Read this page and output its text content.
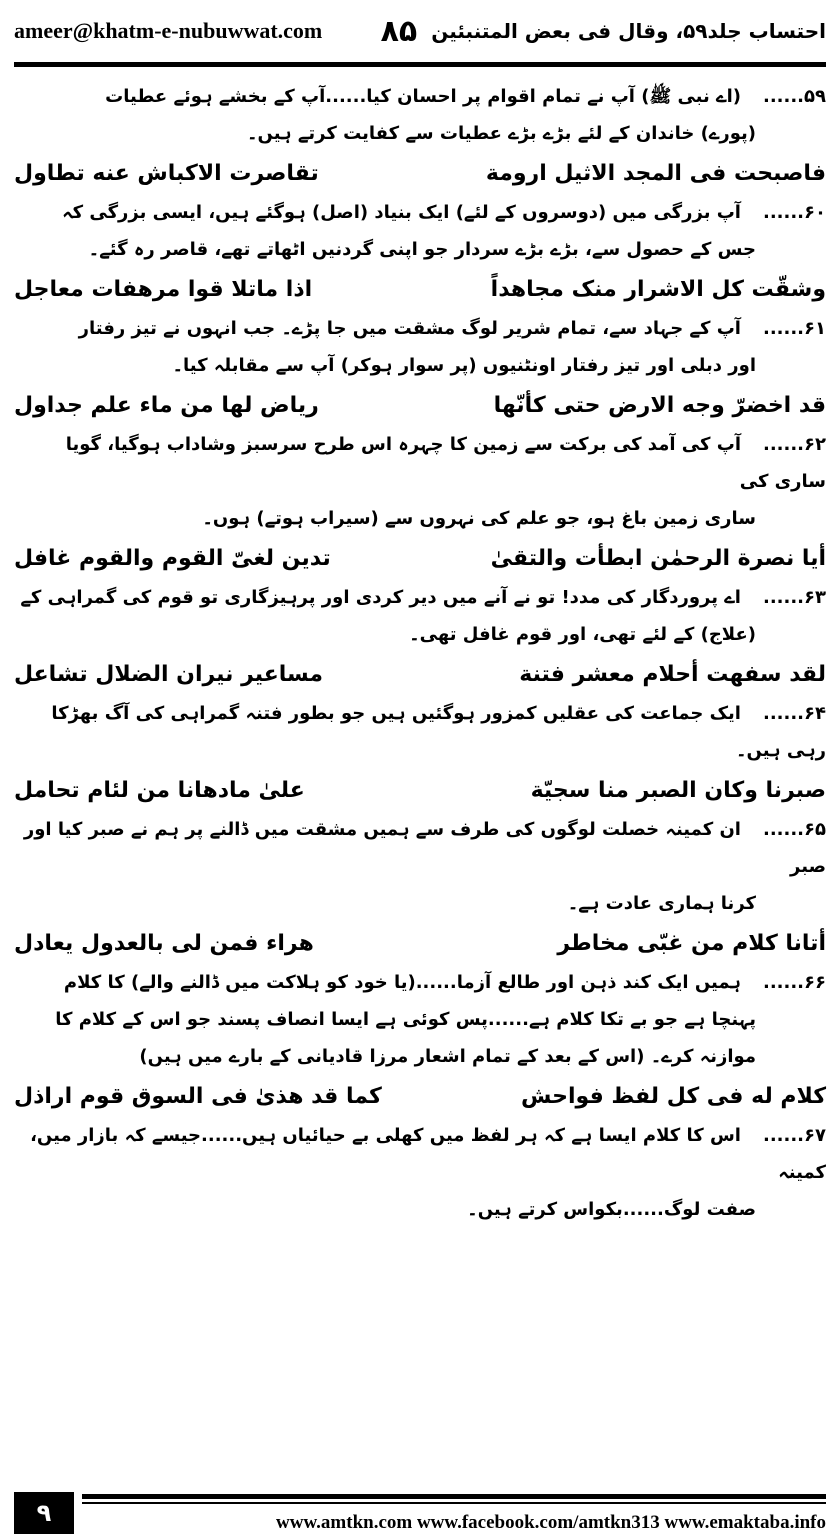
ameer@khatm-e-nubuwwat.com ۸۵ احتساب جلد۵۹، وقال فی بعض المتنبئین
۵۹......(اے نبی ﷺ) آپ نے تمام اقوام پر احسان کیا......آپ کے بخشے ہوئے عطیات
(پورے) خاندان کے لئے بڑے بڑے عطیات سے کفایت کرتے ہیں۔
فاصبحت فی المجد الاثیل ارومة
تقاصرت الاکباش عنه تطاول
۶۰......آپ بزرگی میں (دوسروں کے لئے) ایک بنیاد (اصل) ہوگئے ہیں، ایسی بزرگی کہ
جس کے حصول سے، بڑے بڑے سردار جو اپنی گردنیں اٹھاتے تھے، قاصر رہ گئے۔
وشقّت کل الاشرار منک مجاهداً
اذا ماتلا قوا مرهفات معاجل
۶۱......آپ کے جہاد سے، تمام شریر لوگ مشقت میں جا پڑے۔ جب انہوں نے تیز رفتار
اور دبلی اور تیز رفتار اونٹنیوں (پر سوار ہوکر) آپ سے مقابلہ کیا۔
قد اخضرّ وجه الارض حتی کأنّها
ریاض لها من ماء علم جداول
۶۲......آپ کی آمد کی برکت سے زمین کا چہرہ اس طرح سرسبز وشاداب ہوگیا، گویا ساری کی
ساری زمین باغ ہو، جو علم کی نہروں سے (سیراب ہوتے) ہوں۔
أیا نصرة الرحمٰن ابطأت والتقیٰ
تدین لغیّ القوم والقوم غافل
۶۳......اے پروردگار کی مدد! تو نے آنے میں دیر کردی اور پرہیزگاری تو قوم کی گمراہی کے
(علاج) کے لئے تھی، اور قوم غافل تھی۔
لقد سفهت أحلام معشر فتنة
مساعیر نیران الضلال تشاعل
۶۴......ایک جماعت کی عقلیں کمزور ہوگئیں ہیں جو بطور فتنہ گمراہی کی آگ بھڑکا رہی ہیں۔
صبرنا وکان الصبر منا سجیّة
علیٰ مادهانا من لئام تحامل
۶۵......ان کمینہ خصلت لوگوں کی طرف سے ہمیں مشقت میں ڈالنے پر ہم نے صبر کیا اور صبر
کرنا ہماری عادت ہے۔
أتانا کلام من غبّی مخاطر
هراء فمن لی بالعدول یعادل
۶۶......ہمیں ایک کند ذہن اور طالع آزما......(یا خود کو ہلاکت میں ڈالنے والے) کا کلام
پہنچا ہے جو بے تکا کلام ہے......پس کوئی ہے ایسا انصاف پسند جو اس کے کلام کا
موازنہ کرے۔ (اس کے بعد کے تمام اشعار مرزا قادیانی کے بارے میں ہیں)
کلام له فی کل لفظ فواحش
کما قد هذیٰ فی السوق قوم اراذل
۶۷......اس کا کلام ایسا ہے کہ ہر لفظ میں کھلی بے حیائیاں ہیں......جیسے کہ بازار میں، کمینہ
صفت لوگ......بکواس کرتے ہیں۔
۹	www.amtkn.com www.facebook.com/amtkn313 www.emaktaba.info
